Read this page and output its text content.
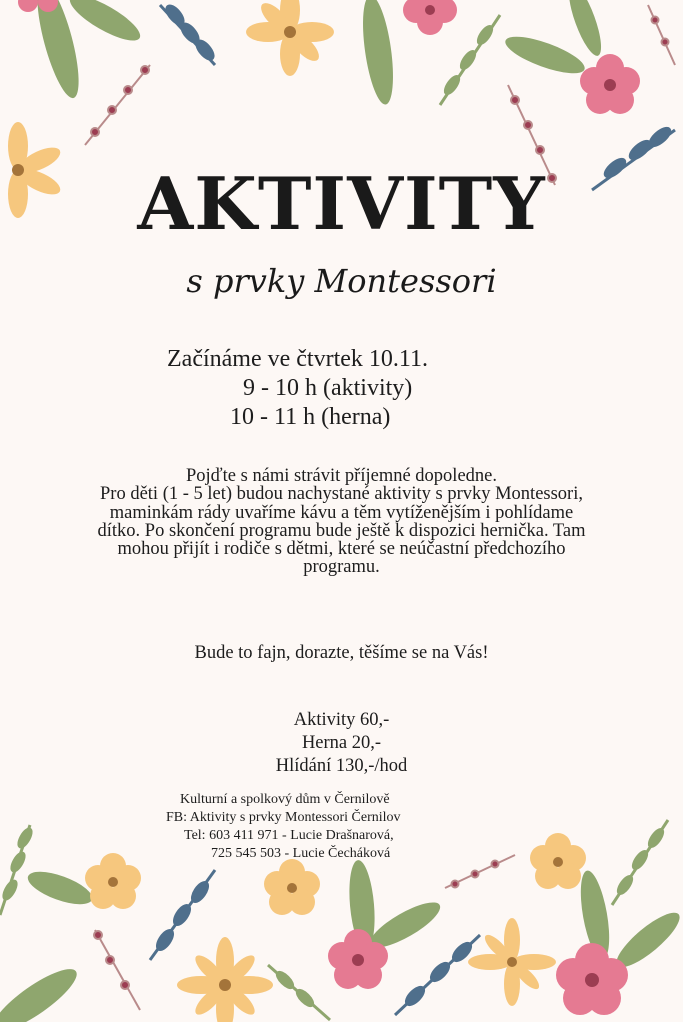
AKTIVITY
s prvky Montessori
Začínáme ve čtvrtek 10.11.
9 - 10 h (aktivity)
10 - 11 h (herna)

Pojďte s námi strávit příjemné dopoledne.

Pro děti (1 - 5 let) budou nachystané aktivity s prvky Montessori,

maminkám rády uvaříme kávu a těm vytíženějším i pohlídame

dítko. Po skončení programu bude ještě k dispozici hernička. Tam

mohou přijít i rodiče s dětmi, které se neúčastní předchozího

programu.

Bude to fajn, dorazte, těšíme se na Vás!
Aktivity 60,-
Herna 20,-
Hlídání 130,-/hod
Kulturní a spolkový dům v Černilově
FB: Aktivity s prvky Montessori Černilov
Tel: 603 411 971 - Lucie Drašnarová,
725 545 503 - Lucie Čecháková
